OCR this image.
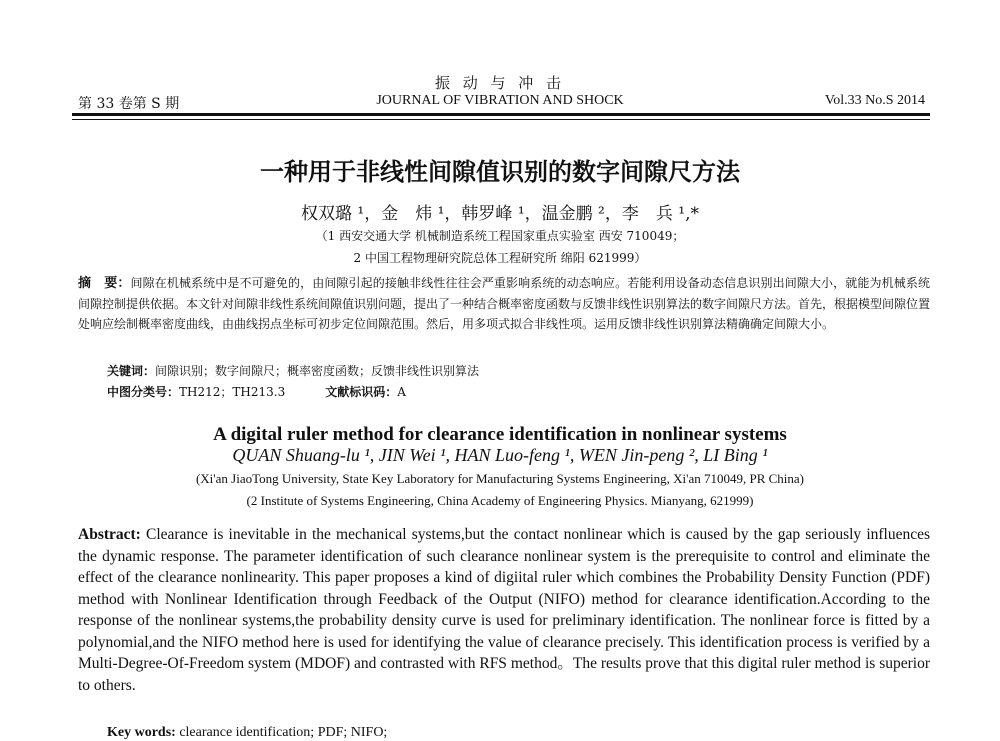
振 动 与 冲 击
第 33 卷第 S 期	JOURNAL OF VIBRATION AND SHOCK	Vol.33 No.S 2014
一种用于非线性间隙值识别的数字间隙尺方法
权双璐 ¹，金　炜 ¹，韩罗峰 ¹，温金鹏 ²，李　兵 ¹,*
（1 西安交通大学 机械制造系统工程国家重点实验室 西安 710049；
2 中国工程物理研究院总体工程研究所 绵阳 621999）
摘　要：间隙在机械系统中是不可避免的，由间隙引起的接触非线性往往会严重影响系统的动态响应。若能利用设备动态信息识别出间隙大小，就能为机械系统间隙控制提供依据。本文针对间隙非线性系统间隙值识别问题，提出了一种结合概率密度函数与反馈非线性识别算法的数字间隙尺方法。首先，根据模型间隙位置处响应绘制概率密度曲线，由曲线拐点坐标可初步定位间隙范围。然后，用多项式拟合非线性项。运用反馈非线性识别算法精确确定间隙大小。
关键词：间隙识别；数字间隙尺；概率密度函数；反馈非线性识别算法
中图分类号：TH212；TH213.3	文献标识码：A
A digital ruler method for clearance identification in nonlinear systems
QUAN Shuang-lu ¹, JIN Wei ¹, HAN Luo-feng ¹, WEN Jin-peng ², LI Bing ¹
(Xi'an JiaoTong University, State Key Laboratory for Manufacturing Systems Engineering, Xi'an 710049, PR China)
(2 Institute of Systems Engineering, China Academy of Engineering Physics. Mianyang, 621999)
Abstract: Clearance is inevitable in the mechanical systems,but the contact nonlinear which is caused by the gap seriously influences the dynamic response. The parameter identification of such clearance nonlinear system is the prerequisite to control and eliminate the effect of the clearance nonlinearity. This paper proposes a kind of digiital ruler which combines the Probability Density Function (PDF) method with Nonlinear Identification through Feedback of the Output (NIFO) method for clearance identification.According to the response of the nonlinear systems,the probability density curve is used for preliminary identification. The nonlinear force is fitted by a polynomial,and the NIFO method here is used for identifying the value of clearance precisely. This identification process is verified by a Multi-Degree-Of-Freedom system (MDOF) and contrasted with RFS method。The results prove that this digital ruler method is superior to others.
Key words: clearance identification; PDF; NIFO;
